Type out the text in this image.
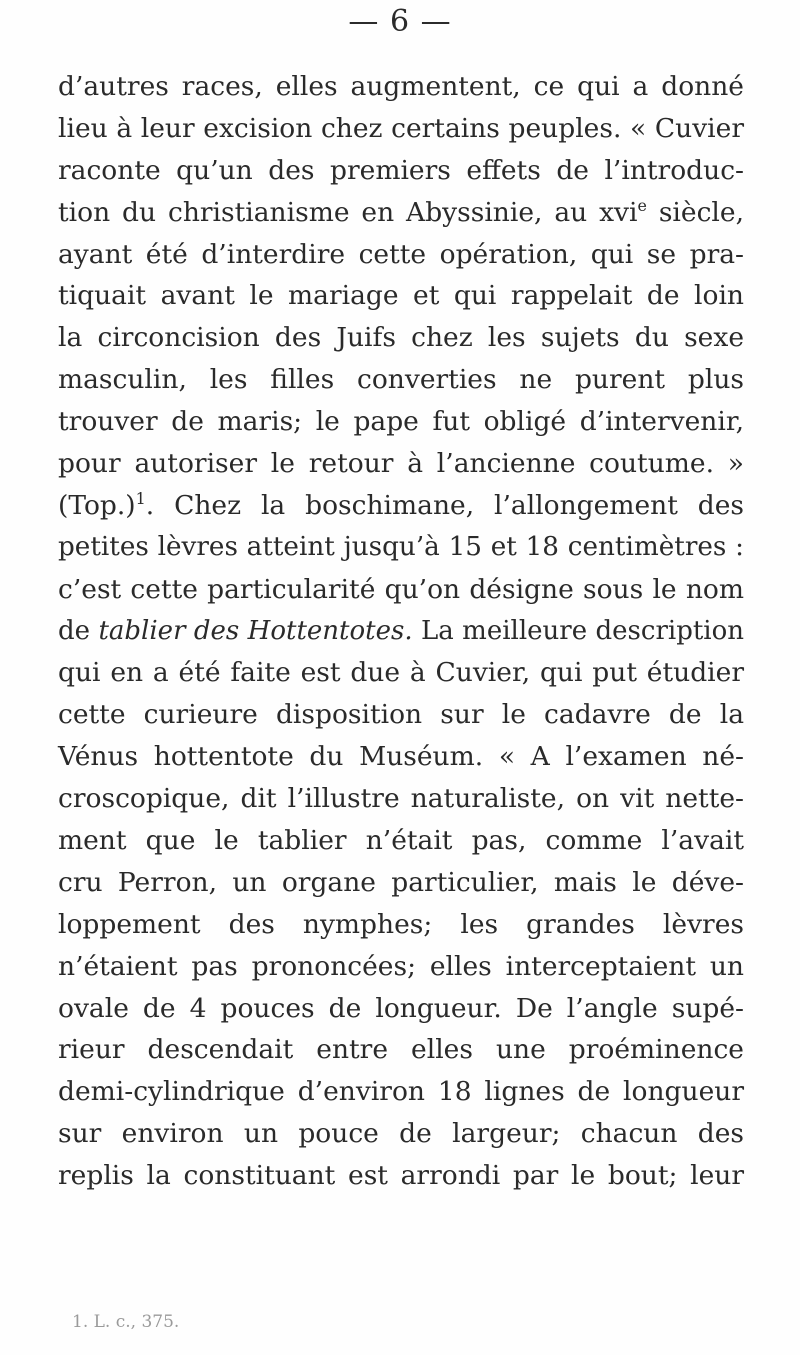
— 6 —
d’autres races, elles augmentent, ce qui a donné
lieu à leur excision chez certains peuples. « Cuvier
raconte qu’un des premiers effets de l’introduc-
tion du christianisme en Abyssinie, au xvi$^e$ siècle,
ayant été d’interdire cette opération, qui se pra-
tiquait avant le mariage et qui rappelait de loin
la circoncision des Juifs chez les sujets du sexe
masculin, les filles converties ne purent plus
trouver de maris; le pape fut obligé d’intervenir,
pour autoriser le retour à l’ancienne coutume. »
$(Top.)^1$. Chez la boschimane, l’allongement des
petites lèvres atteint jusqu’à 15 et 18 centimètres :
c’est cette particularité qu’on désigne sous le nom
de tablier des Hottentotes. La meilleure description
qui en a été faite est due à Cuvier, qui put étudier
cette curieure disposition sur le cadavre de la
Vénus hottentote du Muséum. « A l’examen né-
croscopique, dit l’illustre naturaliste, on vit nette-
ment que le tablier n’était pas, comme l’avait
cru Perron, un organe particulier, mais le déve-
loppement des nymphes; les grandes lèvres
n’étaient pas prononcées; elles interceptaient un
ovale de 4 pouces de longueur. De l’angle supé-
rieur descendait entre elles une proéminence
demi-cylindrique d’environ 18 lignes de longueur
sur environ un pouce de largeur; chacun des
replis la constituant est arrondi par le bout; leur
1. L. c., 375.
